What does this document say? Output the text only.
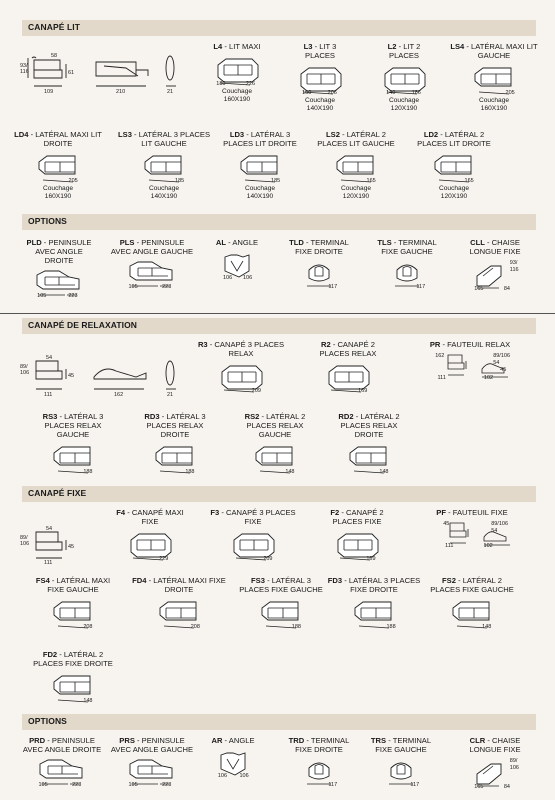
CANAPÉ LIT
OPTIONS
CANAPÉ DE RELAXATION
CANAPÉ FIXE
OPTIONS
58
93/
116	61
109	210	21
54
89/
106	45
111	162	21
54
89/
106	45
111
L4 - LIT MAXI
226
180
Couchage
160X190
L3 - LIT 3 PLACES
206
160
Couchage
140X190
L2 - LIT 2 PLACES
186
140
Couchage
120X190
LS4 - LATÉRAL MAXI LIT GAUCHE
205
Couchage
160X190
LD4 - LATÉRAL MAXI LIT DROITE
205
Couchage
160X190
LS3 - LATÉRAL 3 PLACES LIT GAUCHE
185
Couchage
140X190
LD3 - LATÉRAL 3 PLACES LIT DROITE
185
Couchage
140X190
LS2 - LATÉRAL 2 PLACES LIT GAUCHE
165
Couchage
120X190
LD2 - LATÉRAL 2 PLACES LIT DROITE
165
Couchage
120X190
PLD - PENINSULE AVEC ANGLE DROITE
223
105
PLS - PENINSULE AVEC ANGLE GAUCHE
223
105
AL - ANGLE
106
106
TLD - TERMINAL FIXE DROITE
117
TLS - TERMINAL FIXE GAUCHE
117
CLL - CHAISE LONGUE FIXE
84
165
93/
116
R3 - CANAPÉ 3 PLACES RELAX
209
R2 - CANAPÉ 2 PLACES RELAX
169
PR - FAUTEUIL RELAX
102
111
89/106
54
162
45
RS3 - LATÉRAL 3 PLACES RELAX GAUCHE
188
RD3 - LATÉRAL 3 PLACES RELAX DROITE
188
RS2 - LATÉRAL 2 PLACES RELAX GAUCHE
148
RD2 - LATÉRAL 2 PLACES RELAX DROITE
148
F4 - CANAPÉ MAXI FIXE
229
F3 - CANAPÉ 3 PLACES FIXE
209
F2 - CANAPÉ 2 PLACES FIXE
169
PF - FAUTEUIL FIXE
102
111
89/106
54
45
FS4 - LATÉRAL MAXI FIXE GAUCHE
208
FD4 - LATÉRAL MAXI FIXE DROITE
208
FS3 - LATÉRAL 3 PLACES FIXE GAUCHE
188
FD3 - LATÉRAL 3 PLACES FIXE DROITE
188
FS2 - LATÉRAL 2 PLACES FIXE GAUCHE
148
FD2 - LATÉRAL 2 PLACES FIXE DROITE
148
PRD - PENINSULE AVEC ANGLE DROITE
223
105
PRS - PENINSULE AVEC ANGLE GAUCHE
223
105
AR - ANGLE
106
106
TRD - TERMINAL FIXE DROITE
117
TRS - TERMINAL FIXE GAUCHE
117
CLR - CHAISE LONGUE FIXE
84
165
89/
106
